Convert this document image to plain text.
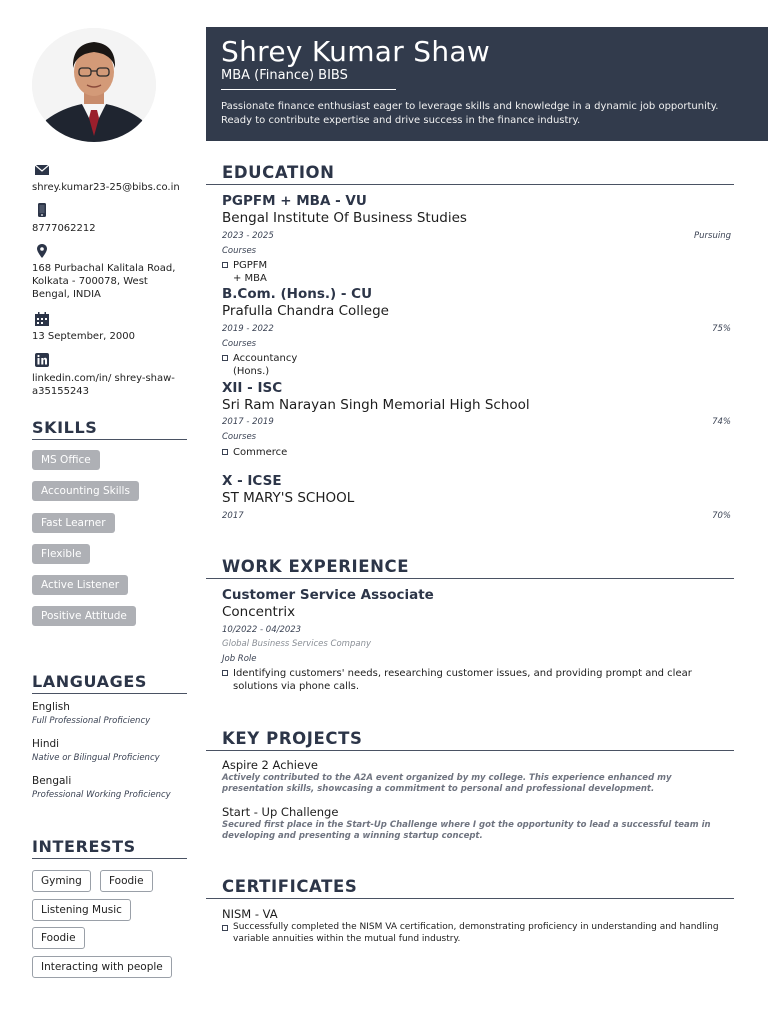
shrey.kumar23-25@bibs.co.in
8777062212
168 Purbachal Kalitala Road, Kolkata - 700078, West Bengal, INDIA
13 September, 2000
linkedin.com/in/ shrey-shaw-a35155243
SKILLS
MS Office
Accounting Skills
Fast Learner
Flexible
Active Listener
Positive Attitude
LANGUAGES
English
Full Professional Proficiency
Hindi
Native or Bilingual Proficiency
Bengali
Professional Working Proficiency
INTERESTS
Gyming	Foodie
Listening Music
Foodie
Interacting with people
Shrey Kumar Shaw
MBA (Finance) BIBS
Passionate finance enthusiast eager to leverage skills and knowledge in a dynamic job opportunity. Ready to contribute expertise and drive success in the finance industry.
EDUCATION
PGPFM + MBA - VU
Bengal Institute Of Business Studies
2023 - 2025	Pursuing
Courses
PGPFM + MBA
B.Com. (Hons.) - CU
Prafulla Chandra College
2019 - 2022	75%
Courses
Accountancy (Hons.)
XII - ISC
Sri Ram Narayan Singh Memorial High School
2017 - 2019	74%
Courses
Commerce
X - ICSE
ST MARY'S SCHOOL
2017	70%
WORK EXPERIENCE
Customer Service Associate
Concentrix
10/2022 - 04/2023
Global Business Services Company
Job Role
Identifying customers' needs, researching customer issues, and providing prompt and clear solutions via phone calls.
KEY PROJECTS
Aspire 2 Achieve
Actively contributed to the A2A event organized by my college. This experience enhanced my presentation skills, showcasing a commitment to personal and professional development.
Start - Up Challenge
Secured first place in the Start-Up Challenge where I got the opportunity to lead a successful team in developing and presenting a winning startup concept.
CERTIFICATES
NISM - VA
Successfully completed the NISM VA certification, demonstrating proficiency in understanding and handling variable annuities within the mutual fund industry.
